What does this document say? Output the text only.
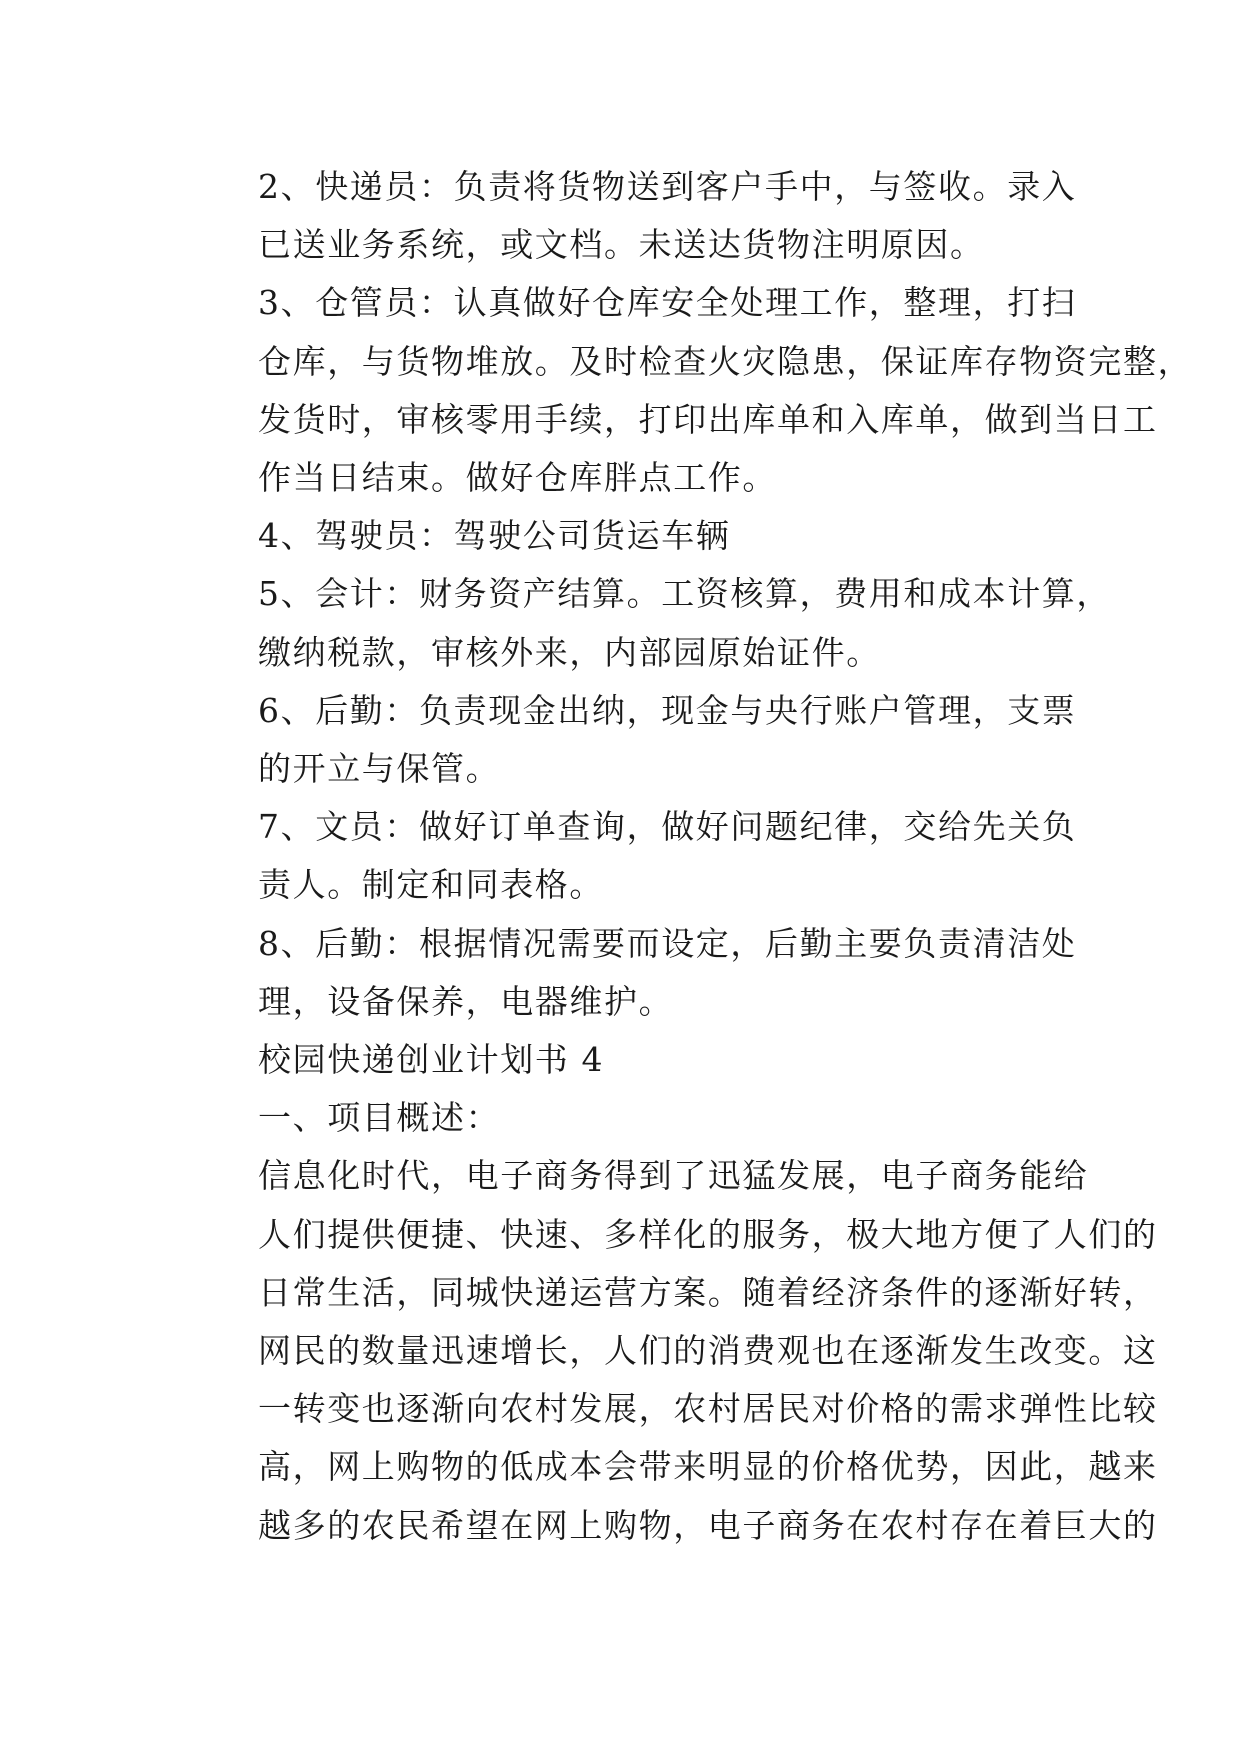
2、快递员：负责将货物送到客户手中，与签收。录入
已送业务系统，或文档。未送达货物注明原因。

3、仓管员：认真做好仓库安全处理工作，整理，打扫
仓库，与货物堆放。及时检查火灾隐患，保证库存物资完整，
发货时，审核零用手续，打印出库单和入库单，做到当日工
作当日结束。做好仓库胖点工作。

4、驾驶员：驾驶公司货运车辆

5、会计：财务资产结算。工资核算，费用和成本计算，
缴纳税款，审核外来，内部园原始证件。

6、后勤：负责现金出纳，现金与央行账户管理，支票
的开立与保管。

7、文员：做好订单查询，做好问题纪律，交给先关负
责人。制定和同表格。

8、后勤：根据情况需要而设定，后勤主要负责清洁处
理，设备保养，电器维护。

校园快递创业计划书 4

一、项目概述：

信息化时代，电子商务得到了迅猛发展，电子商务能给
人们提供便捷、快速、多样化的服务，极大地方便了人们的
日常生活，同城快递运营方案。随着经济条件的逐渐好转，
网民的数量迅速增长，人们的消费观也在逐渐发生改变。这
一转变也逐渐向农村发展，农村居民对价格的需求弹性比较
高，网上购物的低成本会带来明显的价格优势，因此，越来
越多的农民希望在网上购物，电子商务在农村存在着巨大的
